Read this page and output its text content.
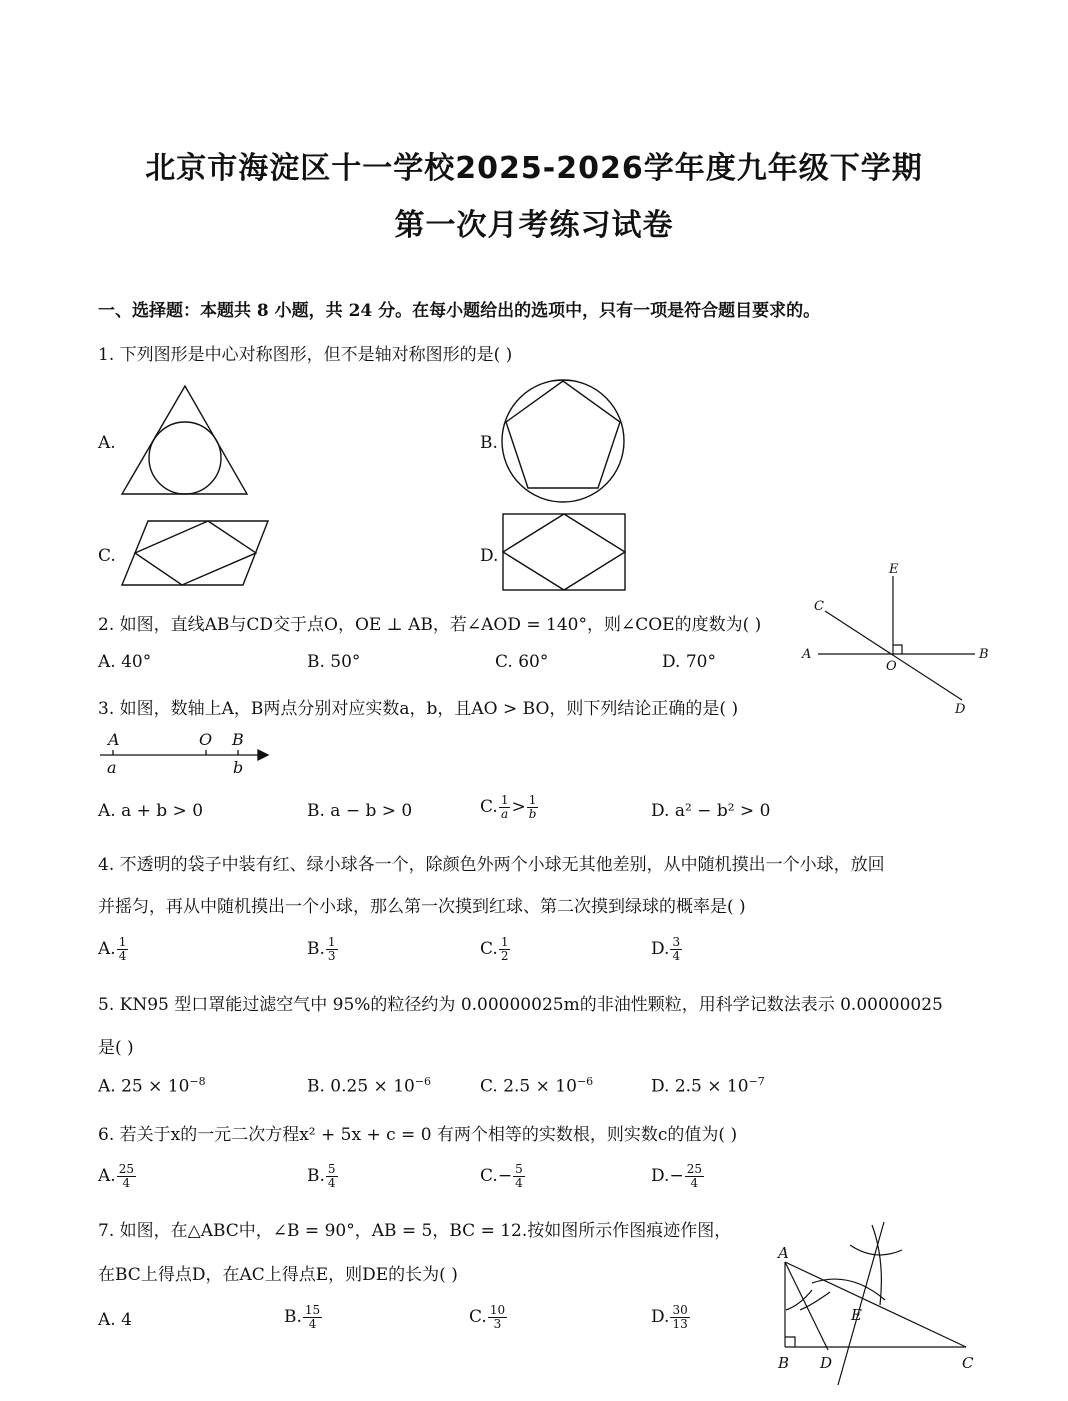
北京市海淀区十一学校2025-2026学年度九年级下学期
第一次月考练习试卷
一、选择题：本题共 8 小题，共 24 分。在每小题给出的选项中，只有一项是符合题目要求的。
1. 下列图形是中心对称图形，但不是轴对称图形的是( )
A.	B.
C.	D.
2. 如图，直线AB与CD交于点O，OE ⊥ AB，若∠AOD = 140°，则∠COE的度数为( )
A. 40°	B. 50°	C. 60°	D. 70°
E
C
A
O
B
D
3. 如图，数轴上A，B两点分别对应实数a，b，且AO > BO，则下列结论正确的是( )
A	O B
a	b
A. a + b > 0	B. a − b > 0	C. $\frac{1}{a} > \frac{1}{b}$	D. a² − b² > 0
4. 不透明的袋子中装有红、绿小球各一个，除颜色外两个小球无其他差别，从中随机摸出一个小球，放回
并摇匀，再从中随机摸出一个小球，那么第一次摸到红球、第二次摸到绿球的概率是( )
A. $\frac{1}{4}$	B. $\frac{1}{3}$	C. $\frac{1}{2}$	D. $\frac{3}{4}$
5. KN95 型口罩能过滤空气中 95%的粒径约为 0.00000025m的非油性颗粒，用科学记数法表示 0.00000025
是( )
A. $25 \times 10^{-8}$	B. $0.25 \times 10^{-6}$	C. $2.5 \times 10^{-6}$	D. $2.5 \times 10^{-7}$
6. 若关于x的一元二次方程x² + 5x + c = 0 有两个相等的实数根，则实数c的值为( )
A. $\frac{25}{4}$	B. $\frac{5}{4}$	$C.- \frac{5}{4}$	$D.- \frac{25}{4}$
7. 如图，在△ABC中，∠B = 90°，AB = 5，BC = 12.按如图所示作图痕迹作图，
在BC上得点D，在AC上得点E，则DE的长为( )
A. 4	B. $\frac{15}{4}$	C. $\frac{10}{3}$	D. $\frac{30}{13}$
A
B D
E
C
